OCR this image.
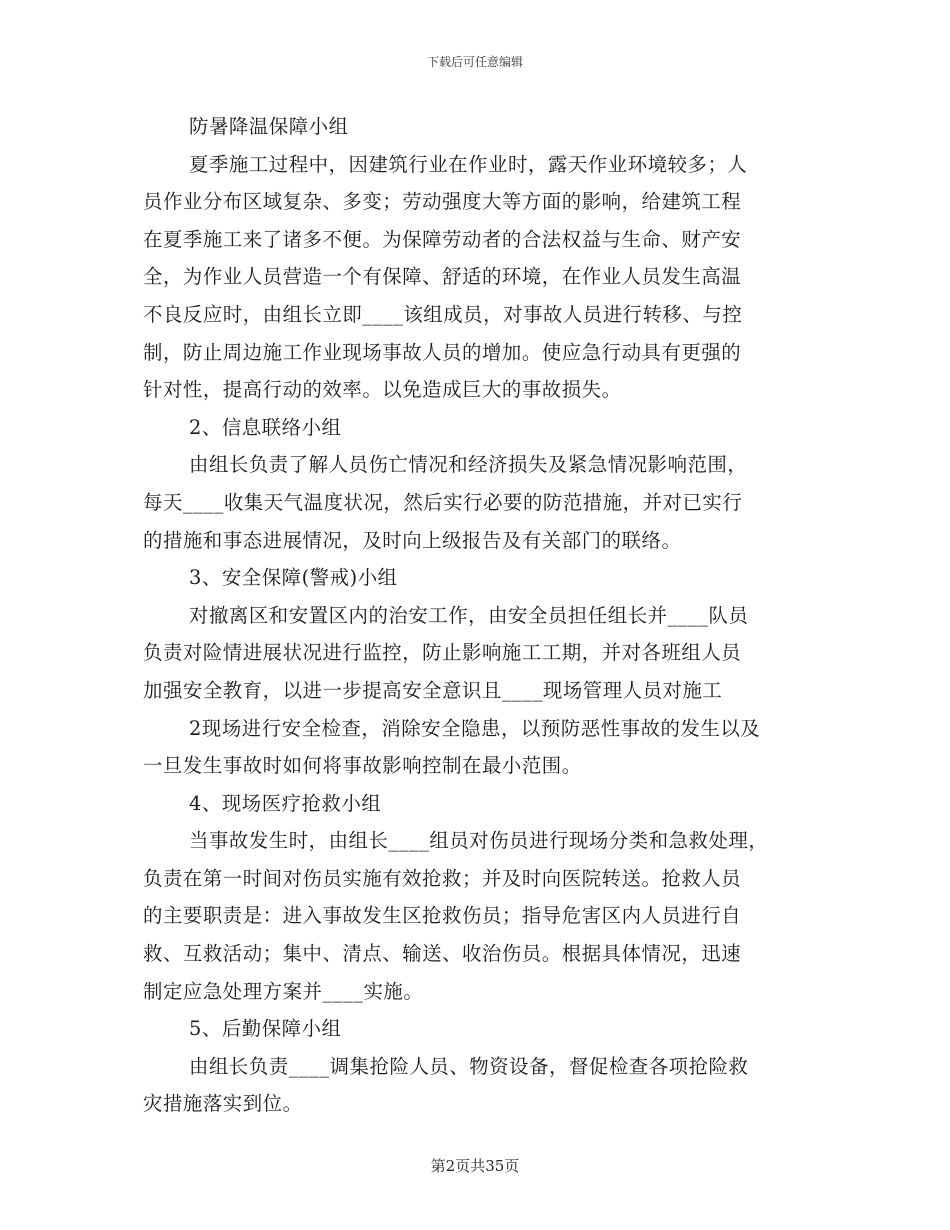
下载后可任意编辑
防暑降温保障小组
夏季施工过程中，因建筑行业在作业时，露天作业环境较多；人
员作业分布区域复杂、多变；劳动强度大等方面的影响，给建筑工程
在夏季施工来了诸多不便。为保障劳动者的合法权益与生命、财产安
全，为作业人员营造一个有保障、舒适的环境，在作业人员发生高温
不良反应时，由组长立即____该组成员，对事故人员进行转移、与控
制，防止周边施工作业现场事故人员的增加。使应急行动具有更强的
针对性，提高行动的效率。以免造成巨大的事故损失。
2、信息联络小组
由组长负责了解人员伤亡情况和经济损失及紧急情况影响范围，
每天____收集天气温度状况，然后实行必要的防范措施，并对已实行
的措施和事态进展情况，及时向上级报告及有关部门的联络。
3、安全保障(警戒)小组
对撤离区和安置区内的治安工作，由安全员担任组长并____队员
负责对险情进展状况进行监控，防止影响施工工期，并对各班组人员
加强安全教育，以进一步提高安全意识且____现场管理人员对施工
2现场进行安全检查，消除安全隐患，以预防恶性事故的发生以及
一旦发生事故时如何将事故影响控制在最小范围。
4、现场医疗抢救小组
当事故发生时，由组长____组员对伤员进行现场分类和急救处理，
负责在第一时间对伤员实施有效抢救；并及时向医院转送。抢救人员
的主要职责是：进入事故发生区抢救伤员；指导危害区内人员进行自
救、互救活动；集中、清点、输送、收治伤员。根据具体情况，迅速
制定应急处理方案并____实施。
5、后勤保障小组
由组长负责____调集抢险人员、物资设备，督促检查各项抢险救
灾措施落实到位。
第2页共35页
